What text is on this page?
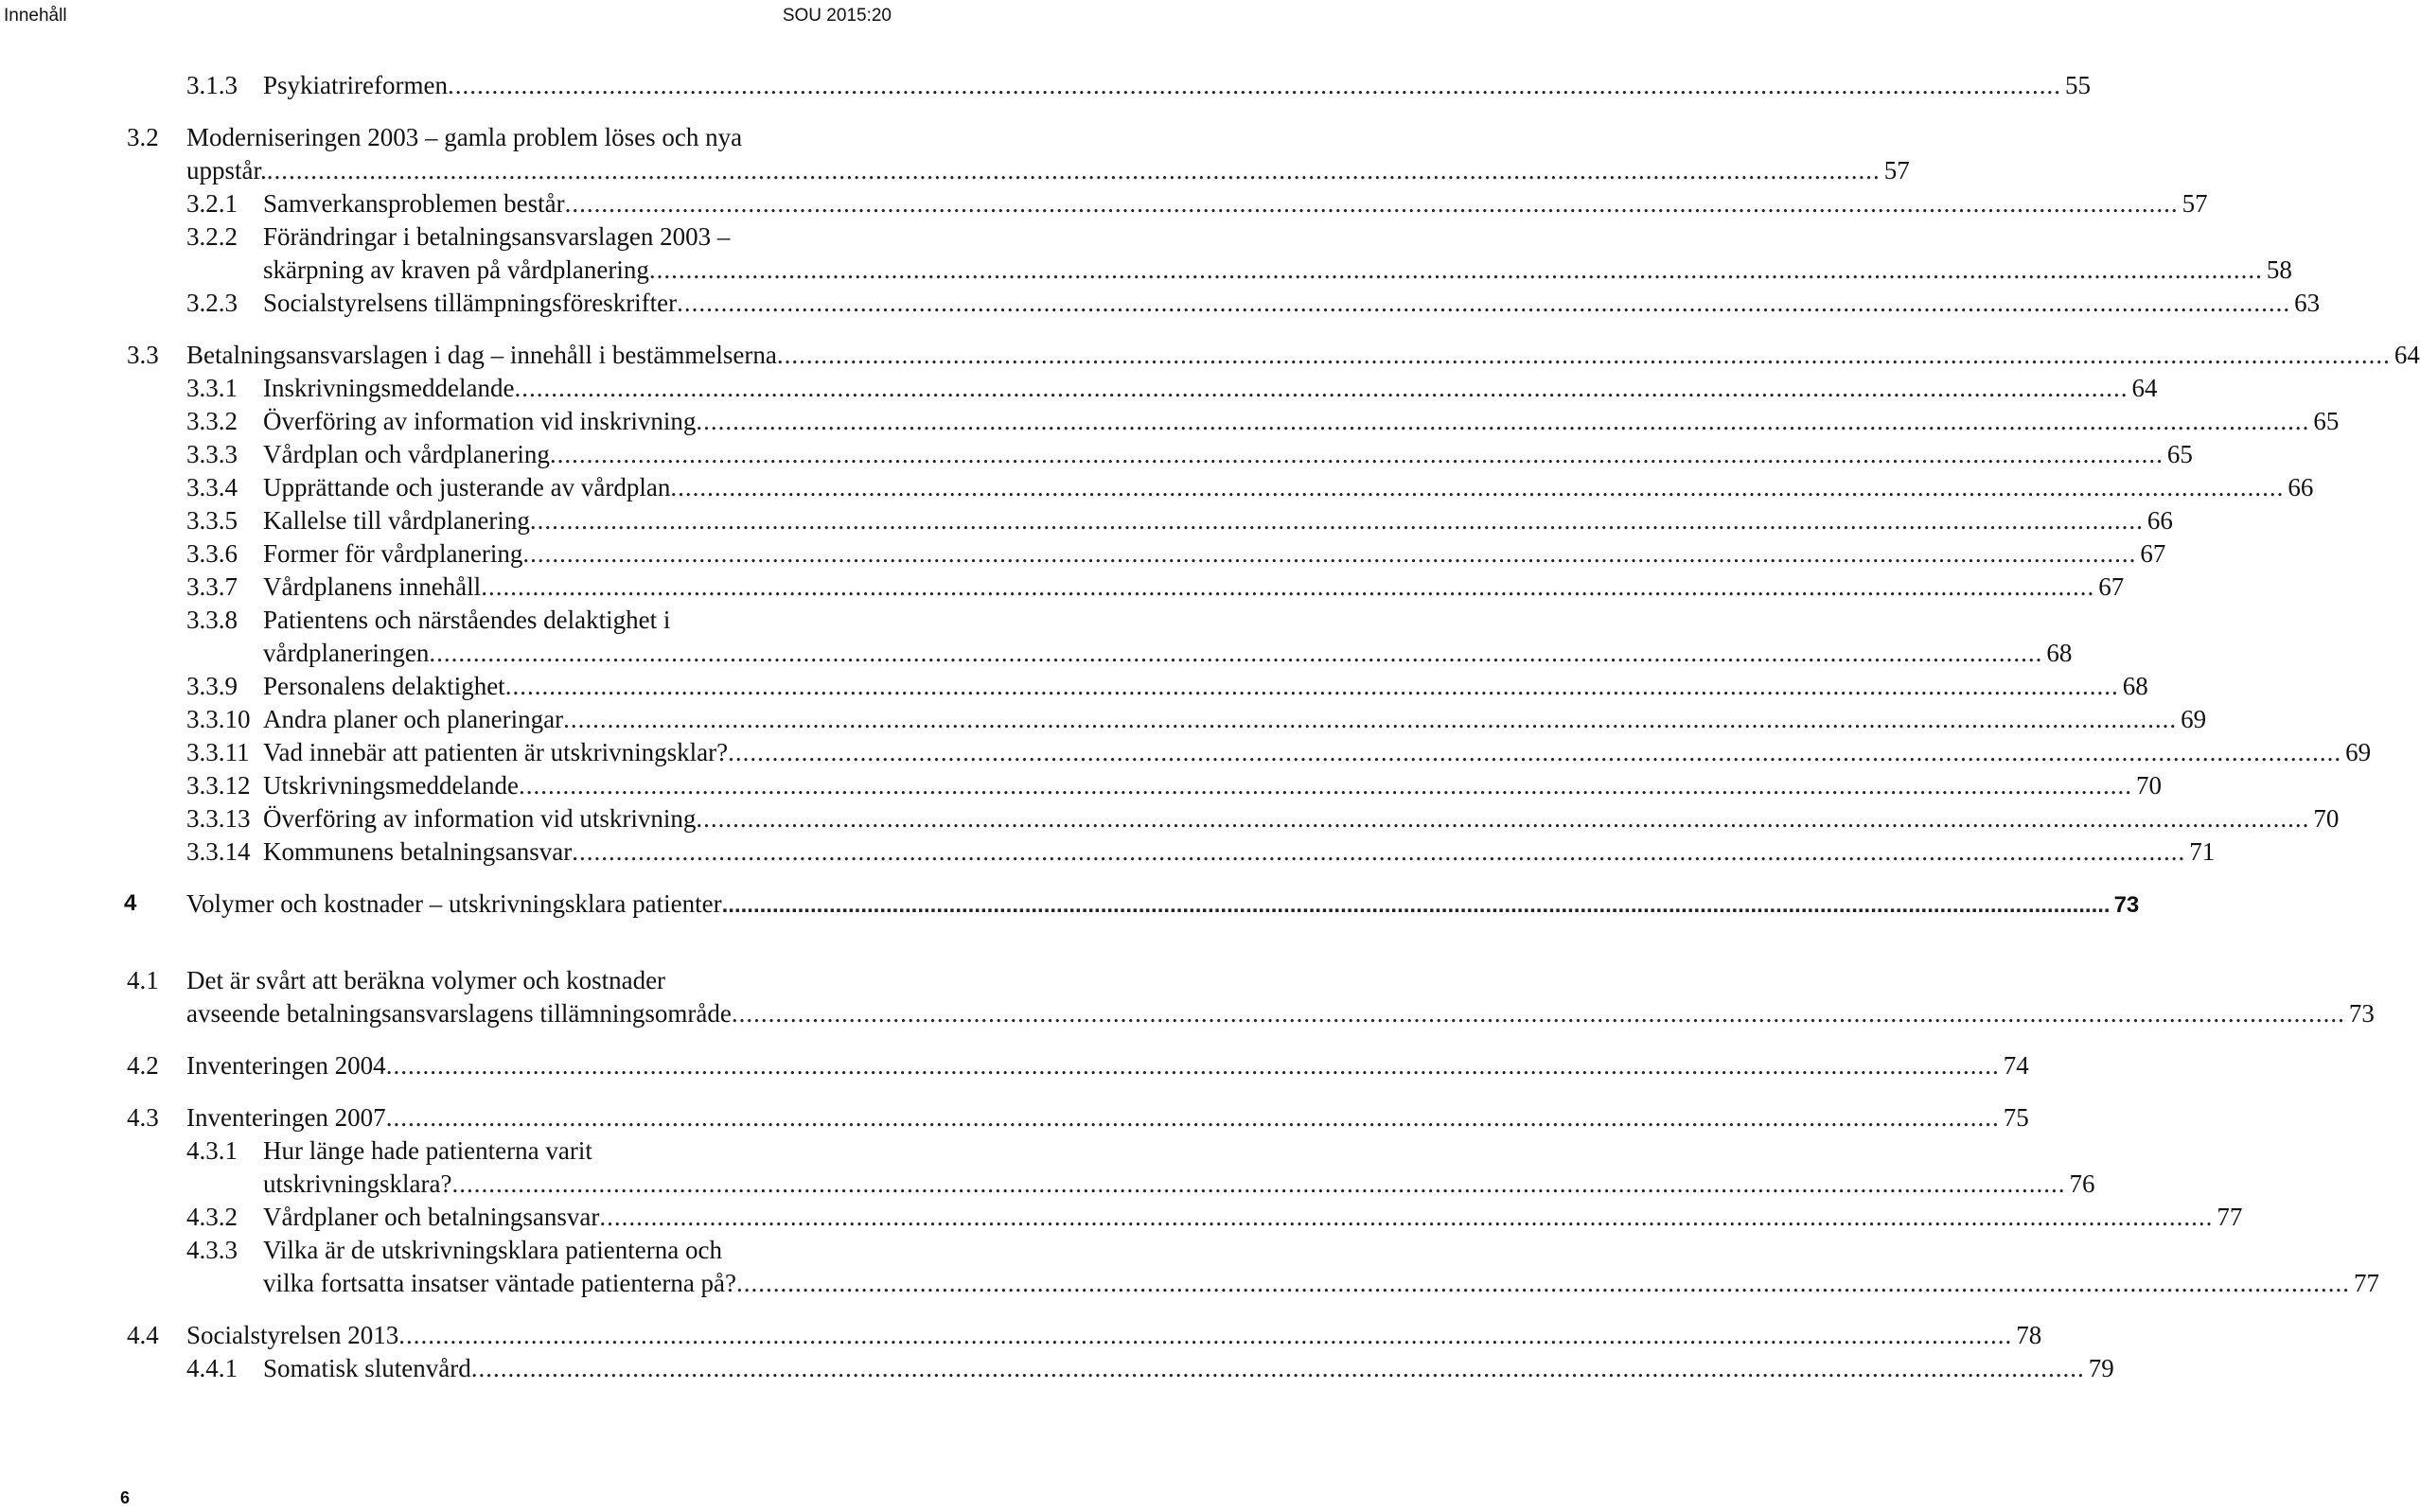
Innehåll	SOU 2015:20
3.1.3 Psykiatrireformen ............................................................................................................................................................................................................................ 55
3.2 Moderniseringen 2003 – gamla problem löses och nya
uppstår. ............................................................................................................................................................................................................................ 57
3.2.1 Samverkansproblemen består ............................................................................................................................................................................................................................ 57
3.2.2 Förändringar i betalningsansvarslagen 2003 –
skärpning av kraven på vårdplanering ............................................................................................................................................................................................................................ 58
3.2.3 Socialstyrelsens tillämpningsföreskrifter ............................................................................................................................................................................................................................ 63
3.3 Betalningsansvarslagen i dag – innehåll i bestämmelserna ............................................................................................................................................................................................................................ 64
3.3.1 Inskrivningsmeddelande ............................................................................................................................................................................................................................ 64
3.3.2 Överföring av information vid inskrivning ............................................................................................................................................................................................................................ 65
3.3.3 Vårdplan och vårdplanering ............................................................................................................................................................................................................................ 65
3.3.4 Upprättande och justerande av vårdplan ............................................................................................................................................................................................................................ 66
3.3.5 Kallelse till vårdplanering ............................................................................................................................................................................................................................ 66
3.3.6 Former för vårdplanering ............................................................................................................................................................................................................................ 67
3.3.7 Vårdplanens innehåll ............................................................................................................................................................................................................................ 67
3.3.8 Patientens och närståendes delaktighet i
vårdplaneringen ............................................................................................................................................................................................................................ 68
3.3.9 Personalens delaktighet ............................................................................................................................................................................................................................ 68
3.3.10 Andra planer och planeringar ............................................................................................................................................................................................................................ 69
3.3.11 Vad innebär att patienten är utskrivningsklar? ............................................................................................................................................................................................................................ 69
3.3.12 Utskrivningsmeddelande ............................................................................................................................................................................................................................ 70
3.3.13 Överföring av information vid utskrivning ............................................................................................................................................................................................................................ 70
3.3.14 Kommunens betalningsansvar ............................................................................................................................................................................................................................ 71
4 Volymer och kostnader – utskrivningsklara patienter ............................................................................................................................................................................................................................ 73
4.1 Det är svårt att beräkna volymer och kostnader
avseende betalningsansvarslagens tillämningsområde ............................................................................................................................................................................................................................ 73
4.2 Inventeringen 2004 ............................................................................................................................................................................................................................ 74
4.3 Inventeringen 2007 ............................................................................................................................................................................................................................ 75
4.3.1 Hur länge hade patienterna varit
utskrivningsklara? ............................................................................................................................................................................................................................ 76
4.3.2 Vårdplaner och betalningsansvar ............................................................................................................................................................................................................................ 77
4.3.3 Vilka är de utskrivningsklara patienterna och
vilka fortsatta insatser väntade patienterna på? ............................................................................................................................................................................................................................ 77
4.4 Socialstyrelsen 2013 ............................................................................................................................................................................................................................ 78
4.4.1 Somatisk slutenvård ............................................................................................................................................................................................................................ 79
6
